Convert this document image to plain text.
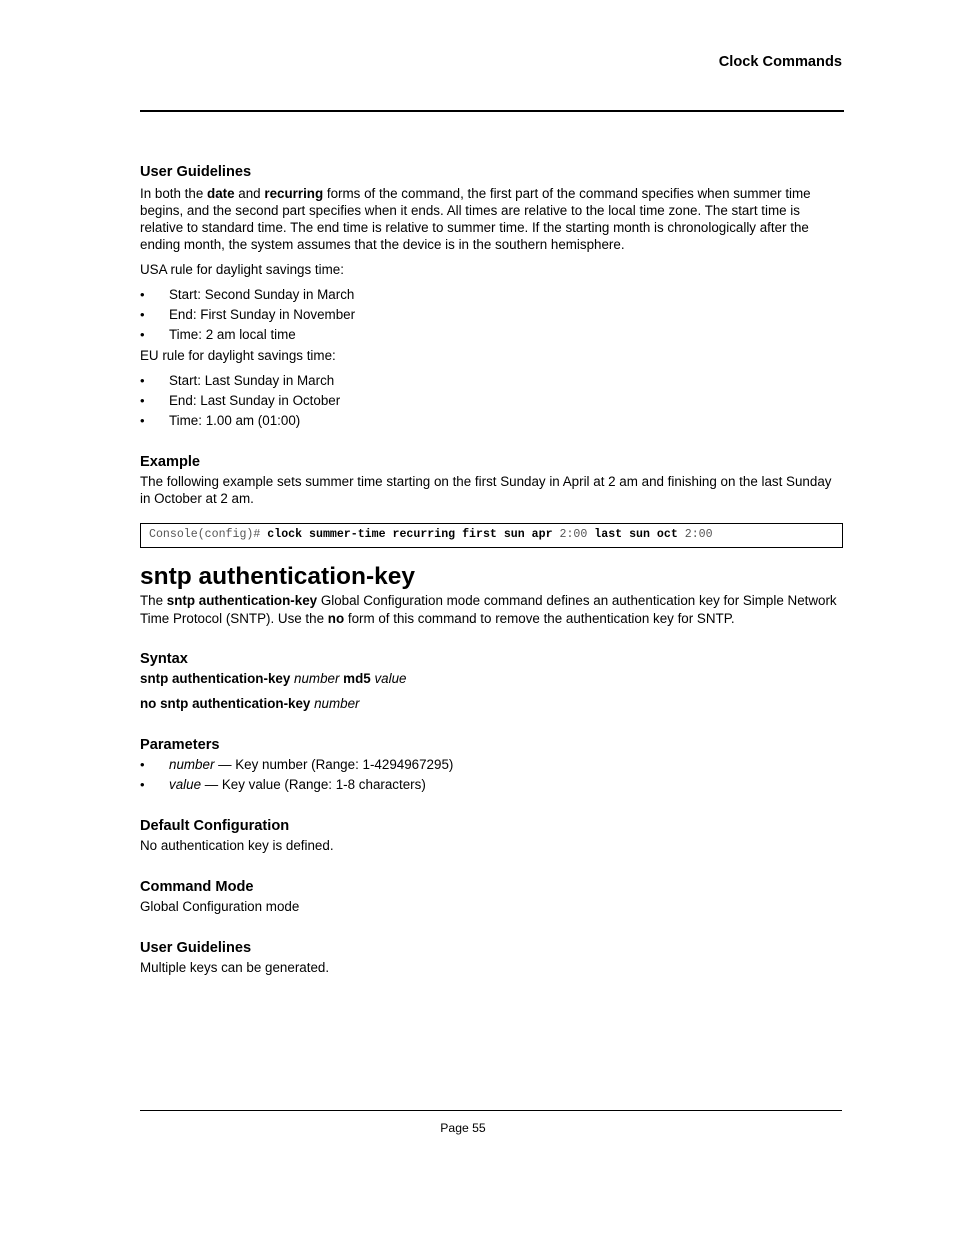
Clock Commands
User Guidelines

In both the date and recurring forms of the command, the first part of the command specifies when summer time begins, and the second part specifies when it ends. All times are relative to the local time zone. The start time is relative to standard time. The end time is relative to summer time. If the starting month is chronologically after the ending month, the system assumes that the device is in the southern hemisphere.

USA rule for daylight savings time:

• Start: Second Sunday in March
• End: First Sunday in November
• Time: 2 am local time

EU rule for daylight savings time:

• Start: Last Sunday in March
• End: Last Sunday in October
• Time: 1.00 am (01:00)
Example

The following example sets summer time starting on the first Sunday in April at 2 am and finishing on the last Sunday in October at 2 am.

Console(config)# clock summer-time recurring first sun apr 2:00 last sun oct 2:00
sntp authentication-key

The sntp authentication-key Global Configuration mode command defines an authentication key for Simple Network Time Protocol (SNTP). Use the no form of this command to remove the authentication key for SNTP.

Syntax

sntp authentication-key number md5 value

no sntp authentication-key number

Parameters
• number — Key number (Range: 1-4294967295)
• value — Key value (Range: 1-8 characters)
Default Configuration

No authentication key is defined.

Command Mode

Global Configuration mode

User Guidelines

Multiple keys can be generated.

Page 55
